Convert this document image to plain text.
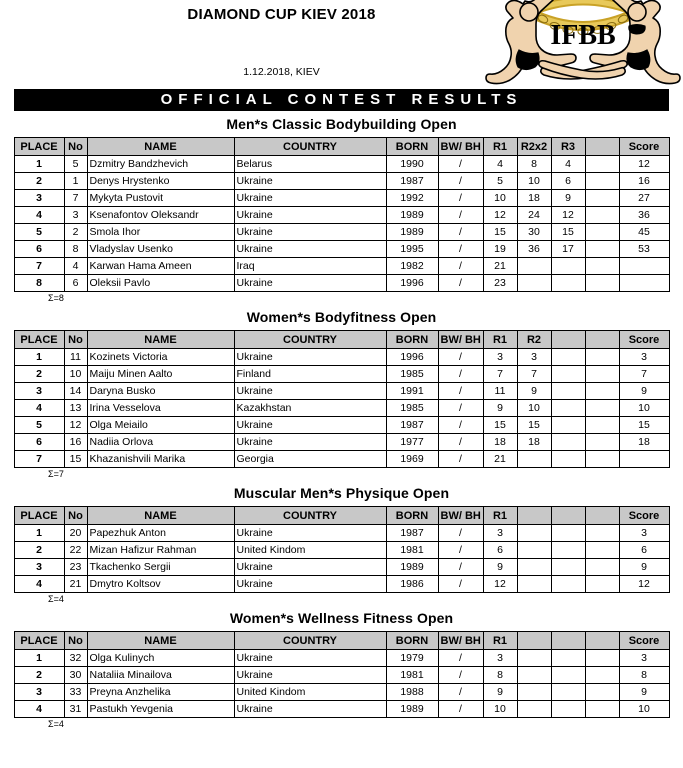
DIAMOND CUP KIEV 2018
1.12.2018, KIEV
IFBB
OFFICIAL CONTEST RESULTS
Men*s Classic Bodybuilding Open
PLACE	No	NAME	COUNTRY	BORN	BW/ BH	R1	R2x2	R3		Score
1	5	Dzmitry Bandzhevich	Belarus	1990	/	4	8	4		12
2	1	Denys Hrystenko	Ukraine	1987	/	5	10	6		16
3	7	Mykyta Pustovit	Ukraine	1992	/	10	18	9		27
4	3	Ksenafontov Oleksandr	Ukraine	1989	/	12	24	12		36
5	2	Smola Ihor	Ukraine	1989	/	15	30	15		45
6	8	Vladyslav Usenko	Ukraine	1995	/	19	36	17		53
7	4	Karwan Hama Ameen	Iraq	1982	/	21				
8	6	Oleksii Pavlo	Ukraine	1996	/	23				
Σ=8
Women*s Bodyfitness Open
PLACE	No	NAME	COUNTRY	BORN	BW/ BH	R1	R2			Score
1	11	Kozinets Victoria	Ukraine	1996	/	3	3			3
2	10	Maiju Minen Aalto	Finland	1985	/	7	7			7
3	14	Daryna Busko	Ukraine	1991	/	11	9			9
4	13	Irina Vesselova	Kazakhstan	1985	/	9	10			10
5	12	Olga Meiailo	Ukraine	1987	/	15	15			15
6	16	Nadiia Orlova	Ukraine	1977	/	18	18			18
7	15	Khazanishvili Marika	Georgia	1969	/	21				
Σ=7
Muscular Men*s Physique Open
PLACE	No	NAME	COUNTRY	BORN	BW/ BH	R1				Score
1	20	Papezhuk Anton	Ukraine	1987	/	3				3
2	22	Mizan Hafizur Rahman	United Kindom	1981	/	6				6
3	23	Tkachenko Sergii	Ukraine	1989	/	9				9
4	21	Dmytro Koltsov	Ukraine	1986	/	12				12
Σ=4
Women*s Wellness Fitness Open
PLACE	No	NAME	COUNTRY	BORN	BW/ BH	R1				Score
1	32	Olga Kulinych	Ukraine	1979	/	3				3
2	30	Nataliia Minailova	Ukraine	1981	/	8				8
3	33	Preyna Anzhelika	United Kindom	1988	/	9				9
4	31	Pastukh Yevgenia	Ukraine	1989	/	10				10
Σ=4
